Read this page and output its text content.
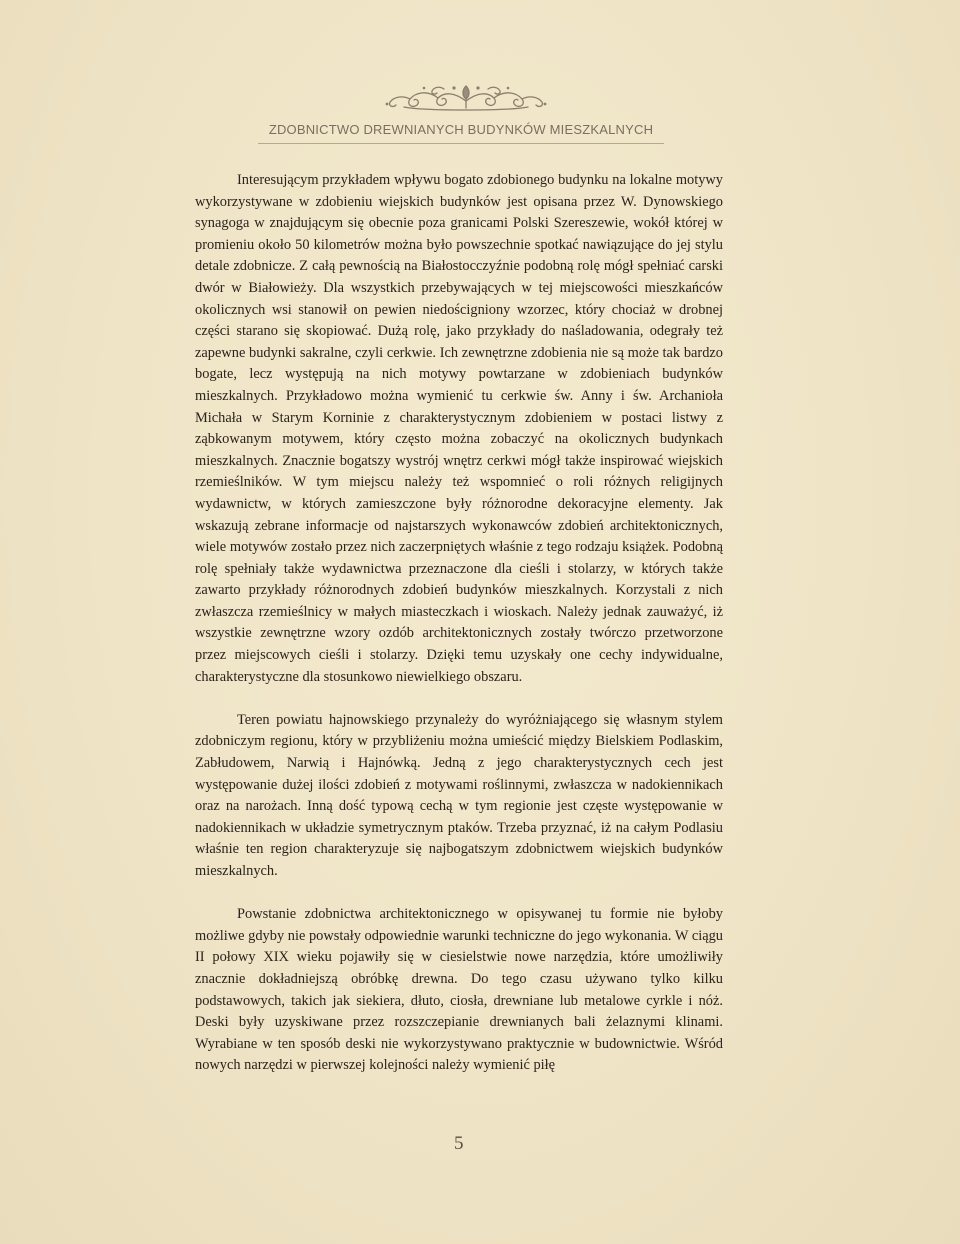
ZDOBNICTWO DREWNIANYCH BUDYNKÓW MIESZKALNYCH

Interesującym przykładem wpływu bogato zdobionego budynku na lokalne motywy wykorzystywane w zdobieniu wiejskich budynków jest opisana przez W. Dynowskiego synagoga w znajdującym się obecnie poza granicami Polski Szereszewie, wokół której w promieniu około 50 kilometrów można było powszechnie spotkać nawiązujące do jej stylu detale zdobnicze. Z całą pewnością na Białostocczyźnie podobną rolę mógł spełniać carski dwór w Białowieży. Dla wszystkich przebywających w tej miejscowości mieszkańców okolicznych wsi stanowił on pewien niedościgniony wzorzec, który chociaż w drobnej części starano się skopiować. Dużą rolę, jako przykłady do naśladowania, odegrały też zapewne budynki sakralne, czyli cerkwie. Ich zewnętrzne zdobienia nie są może tak bardzo bogate, lecz występują na nich motywy powtarzane w zdobieniach budynków mieszkalnych. Przykładowo można wymienić tu cerkwie św. Anny i św. Archanioła Michała w Starym Korninie z charakterystycznym zdobieniem w postaci listwy z ząbkowanym motywem, który często można zobaczyć na okolicznych budynkach mieszkalnych. Znacznie bogatszy wystrój wnętrz cerkwi mógł także inspirować wiejskich rzemieślników. W tym miejscu należy też wspomnieć o roli różnych religijnych wydawnictw, w których zamieszczone były różnorodne dekoracyjne elementy. Jak wskazują zebrane informacje od najstarszych wykonawców zdobień architektonicznych, wiele motywów zostało przez nich zaczerpniętych właśnie z tego rodzaju książek. Podobną rolę spełniały także wydawnictwa przeznaczone dla cieśli i stolarzy, w których także zawarto przykłady różnorodnych zdobień budynków mieszkalnych. Korzystali z nich zwłaszcza rzemieślnicy w małych miasteczkach i wioskach. Należy jednak zauważyć, iż wszystkie zewnętrzne wzory ozdób architektonicznych zostały twórczo przetworzone przez miejscowych cieśli i stolarzy. Dzięki temu uzyskały one cechy indywidualne, charakterystyczne dla stosunkowo niewielkiego obszaru.

Teren powiatu hajnowskiego przynależy do wyróżniającego się własnym stylem zdobniczym regionu, który w przybliżeniu można umieścić między Bielskiem Podlaskim, Zabłudowem, Narwią i Hajnówką. Jedną z jego charakterystycznych cech jest występowanie dużej ilości zdobień z motywami roślinnymi, zwłaszcza w nadokiennikach oraz na narożach. Inną dość typową cechą w tym regionie jest częste występowanie w nadokiennikach w układzie symetrycznym ptaków. Trzeba przyznać, iż na całym Podlasiu właśnie ten region charakteryzuje się najbogatszym zdobnictwem wiejskich budynków mieszkalnych.

Powstanie zdobnictwa architektonicznego w opisywanej tu formie nie byłoby możliwe gdyby nie powstały odpowiednie warunki techniczne do jego wykonania. W ciągu II połowy XIX wieku pojawiły się w ciesielstwie nowe narzędzia, które umożliwiły znacznie dokładniejszą obróbkę drewna. Do tego czasu używano tylko kilku podstawowych, takich jak siekiera, dłuto, ciosła, drewniane lub metalowe cyrkle i nóż. Deski były uzyskiwane przez rozszczepianie drewnianych bali żelaznymi klinami. Wyrabiane w ten sposób deski nie wykorzystywano praktycznie w budownictwie. Wśród nowych narzędzi w pierwszej kolejności należy wymienić piłę

5
